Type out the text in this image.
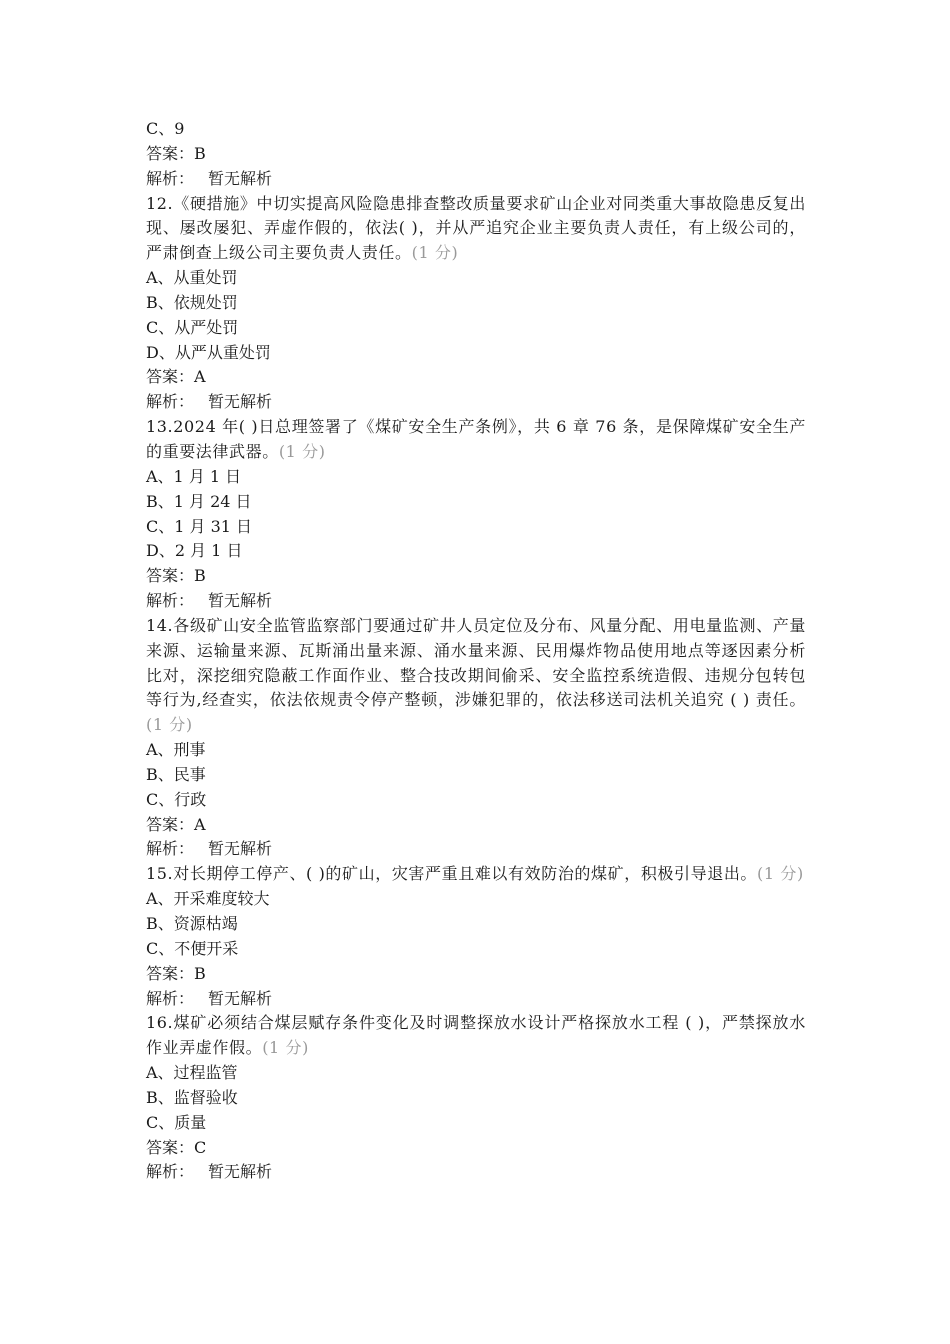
C、9
答案：B
解析： 暂无解析
12.《硬措施》中切实提高风险隐患排查整改质量要求矿山企业对同类重大事故隐患反复出现、屡改屡犯、弄虚作假的，依法( )，并从严追究企业主要负责人责任，有上级公司的，严肃倒查上级公司主要负责人责任。(1 分)
A、从重处罚
B、依规处罚
C、从严处罚
D、从严从重处罚
答案：A
解析： 暂无解析
13.2024 年( )日总理签署了《煤矿安全生产条例》，共 6 章 76 条，是保障煤矿安全生产的重要法律武器。(1 分)
A、1 月 1 日
B、1 月 24 日
C、1 月 31 日
D、2 月 1 日
答案：B
解析： 暂无解析
14.各级矿山安全监管监察部门要通过矿井人员定位及分布、风量分配、用电量监测、产量来源、运输量来源、瓦斯涌出量来源、涌水量来源、民用爆炸物品使用地点等逐因素分析比对，深挖细究隐蔽工作面作业、整合技改期间偷采、安全监控系统造假、违规分包转包等行为,经查实，依法依规责令停产整顿，涉嫌犯罪的，依法移送司法机关追究 ( ) 责任。(1 分)
A、刑事
B、民事
C、行政
答案：A
解析： 暂无解析
15.对长期停工停产、( )的矿山，灾害严重且难以有效防治的煤矿，积极引导退出。(1 分)
A、开采难度较大
B、资源枯竭
C、不便开采
答案：B
解析： 暂无解析
16.煤矿必须结合煤层赋存条件变化及时调整探放水设计严格探放水工程 ( )，严禁探放水作业弄虚作假。(1 分)
A、过程监管
B、监督验收
C、质量
答案：C
解析： 暂无解析
